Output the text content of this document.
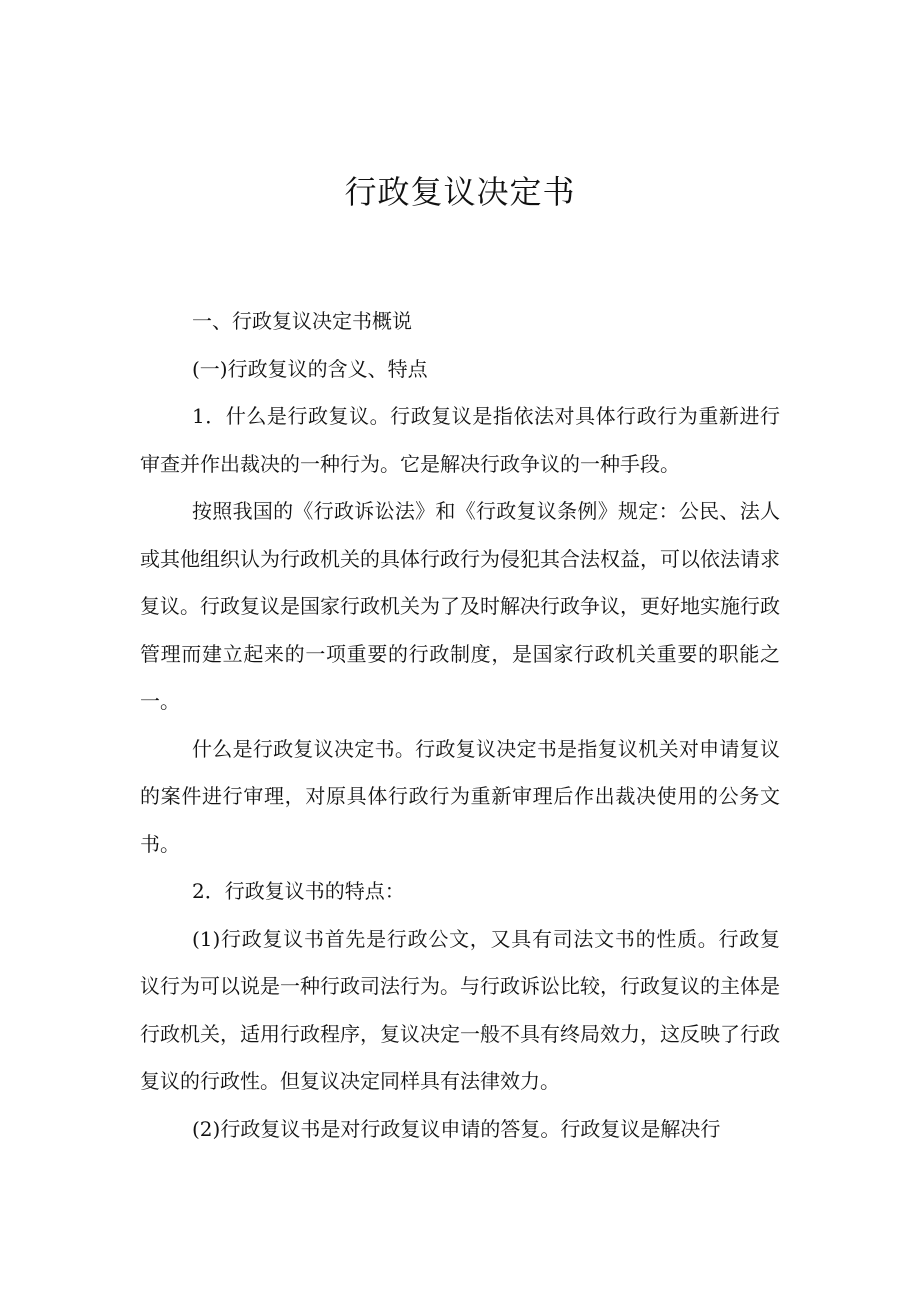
行政复议决定书

一、行政复议决定书概说

(一)行政复议的含义、特点

1．什么是行政复议。行政复议是指依法对具体行政行为重新进行审查并作出裁决的一种行为。它是解决行政争议的一种手段。

按照我国的《行政诉讼法》和《行政复议条例》规定：公民、法人或其他组织认为行政机关的具体行政行为侵犯其合法权益，可以依法请求复议。行政复议是国家行政机关为了及时解决行政争议，更好地实施行政管理而建立起来的一项重要的行政制度，是国家行政机关重要的职能之一。

什么是行政复议决定书。行政复议决定书是指复议机关对申请复议的案件进行审理，对原具体行政行为重新审理后作出裁决使用的公务文书。

2．行政复议书的特点：

(1)行政复议书首先是行政公文，又具有司法文书的性质。行政复议行为可以说是一种行政司法行为。与行政诉讼比较，行政复议的主体是行政机关，适用行政程序，复议决定一般不具有终局效力，这反映了行政复议的行政性。但复议决定同样具有法律效力。

(2)行政复议书是对行政复议申请的答复。行政复议是解决行
